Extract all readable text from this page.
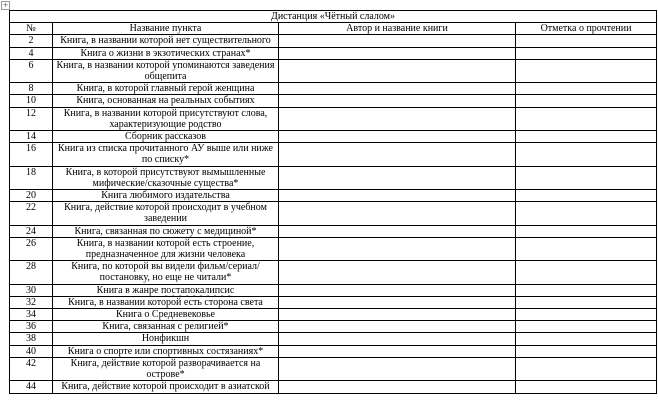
+
Дистанция «Чётный слалом»			
№	Название пункта	Автор и название книги	Отметка о прочтении
2	Книга, в названии которой нет существительного		
4	Книга о жизни в экзотических странах*		
6	Книга, в названии которой упоминаются заведения общепита		
8	Книга, в которой главный герой женщина		
10	Книга, основанная на реальных событиях		
12	Книга, в названии которой присутствуют слова, характеризующие родство		
14	Сборник рассказов		
16	Книга из списка прочитанного АУ выше или ниже по списку*		
18	Книга, в которой присутствуют вымышленные мифические/сказочные существа*		
20	Книга любимого издательства		
22	Книга, действие которой происходит в учебном заведении		
24	Книга, связанная по сюжету с медициной*		
26	Книга, в названии которой есть строение, предназначенное для жизни человека		
28	Книга, по которой вы видели фильм/сериал/постановку, но еще не читали*		
30	Книга в жанре постапокалипсис		
32	Книга, в названии которой есть сторона света		
34	Книга о Средневековье		
36	Книга, связанная с религией*		
38	Нонфикшн		
40	Книга о спорте или спортивных состязаниях*		
42	Книга, действие которой разворачивается на острове*		
44	Книга, действие которой происходит в азиатской		
